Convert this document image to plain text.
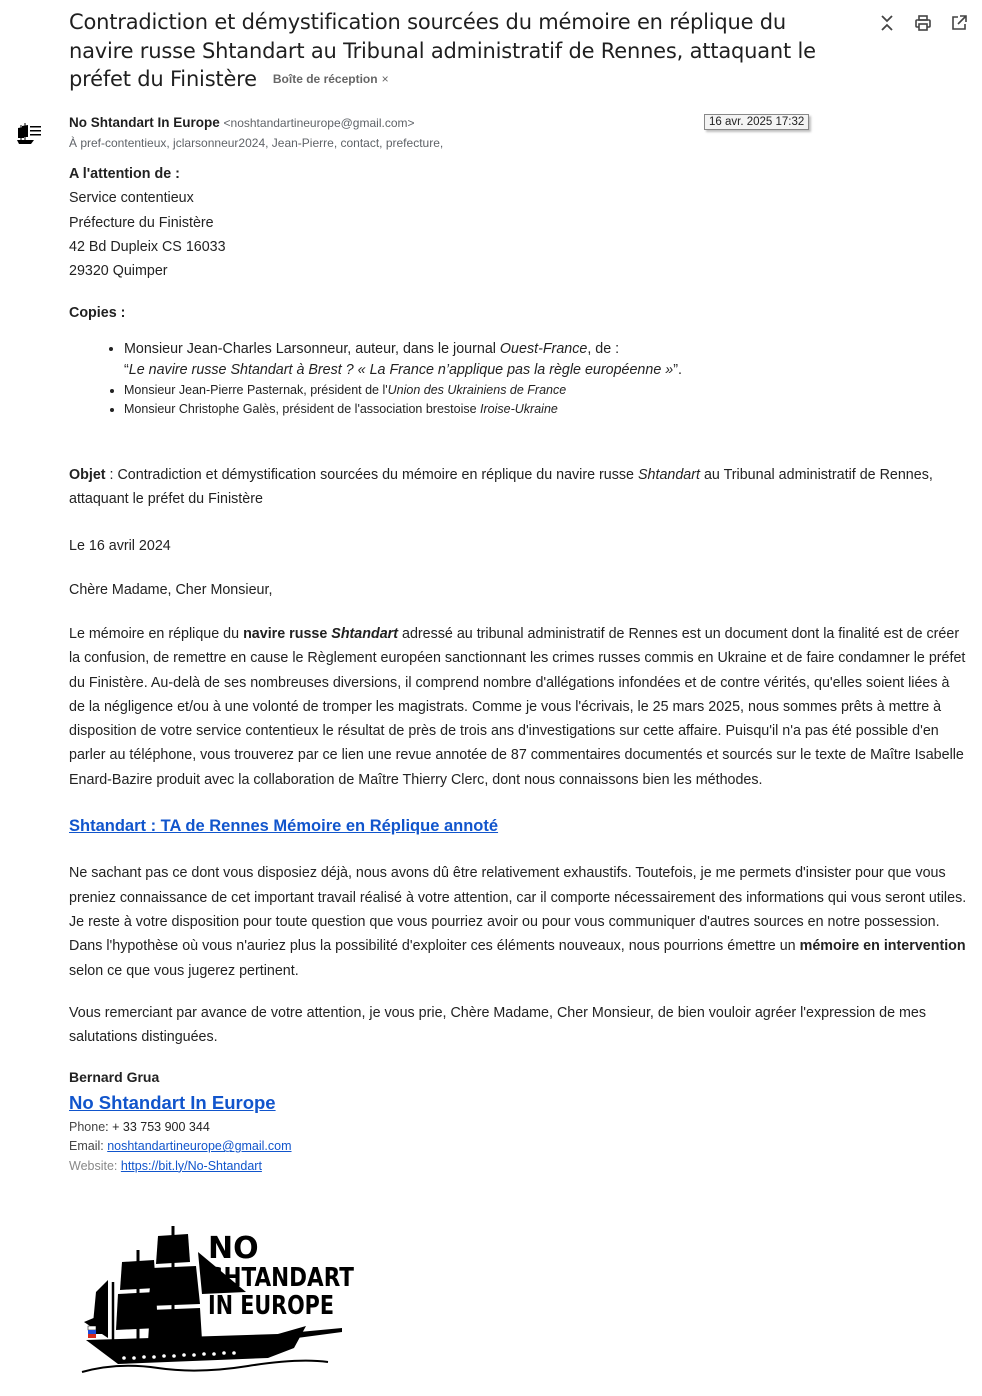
Contradiction et démystification sourcées du mémoire en réplique du navire russe Shtandart au Tribunal administratif de Rennes, attaquant le préfet du Finistère Boîte de réception ×
No Shtandart In Europe <noshtandartineurope@gmail.com>
À pref-contentieux, jclarsonneur2024, Jean-Pierre, contact, prefecture,
16 avr. 2025 17:32

A l'attention de :

Service contentieux

Préfecture du Finistère

42 Bd Dupleix CS 16033

29320 Quimper

Copies :

• Monsieur Jean-Charles Larsonneur, auteur, dans le journal Ouest-France, de :
“Le navire russe Shtandart à Brest ? « La France n’applique pas la règle européenne »”.
• Monsieur Jean-Pierre Pasternak, président de l'Union des Ukrainiens de France
• Monsieur Christophe Galès, président de l'association brestoise Iroise-Ukraine

Objet : Contradiction et démystification sourcées du mémoire en réplique du navire russe Shtandart au Tribunal administratif de Rennes, attaquant le préfet du Finistère

Le 16 avril 2024

Chère Madame, Cher Monsieur,

Le mémoire en réplique du navire russe Shtandart adressé au tribunal administratif de Rennes est un document dont la finalité est de créer la confusion, de remettre en cause le Règlement européen sanctionnant les crimes russes commis en Ukraine et de faire condamner le préfet du Finistère. Au-delà de ses nombreuses diversions, il comprend nombre d'allégations infondées et de contre vérités, qu'elles soient liées à de la négligence et/ou à une volonté de tromper les magistrats. Comme je vous l'écrivais, le 25 mars 2025, nous sommes prêts à mettre à disposition de votre service contentieux le résultat de près de trois ans d'investigations sur cette affaire. Puisqu'il n'a pas été possible d'en parler au téléphone, vous trouverez par ce lien une revue annotée de 87 commentaires documentés et sourcés sur le texte de Maître Isabelle Enard-Bazire produit avec la collaboration de Maître Thierry Clerc, dont nous connaissons bien les méthodes.

Shtandart : TA de Rennes Mémoire en Réplique annoté

Ne sachant pas ce dont vous disposiez déjà, nous avons dû être relativement exhaustifs. Toutefois, je me permets d'insister pour que vous preniez connaissance de cet important travail réalisé à votre attention, car il comporte nécessairement des informations qui vous seront utiles. Je reste à votre disposition pour toute question que vous pourriez avoir ou pour vous communiquer d'autres sources en notre possession. Dans l'hypothèse où vous n'auriez plus la possibilité d'exploiter ces éléments nouveaux, nous pourrions émettre un mémoire en intervention selon ce que vous jugerez pertinent.

Vous remerciant par avance de votre attention, je vous prie, Chère Madame, Cher Monsieur, de bien vouloir agréer l'expression de mes salutations distinguées.

Bernard Grua

No Shtandart In Europe

Phone: + 33 753 900 344

Email: noshtandartineurope@gmail.com

Website: https://bit.ly/No-Shtandart

NO
SHTANDART
IN EUROPE
